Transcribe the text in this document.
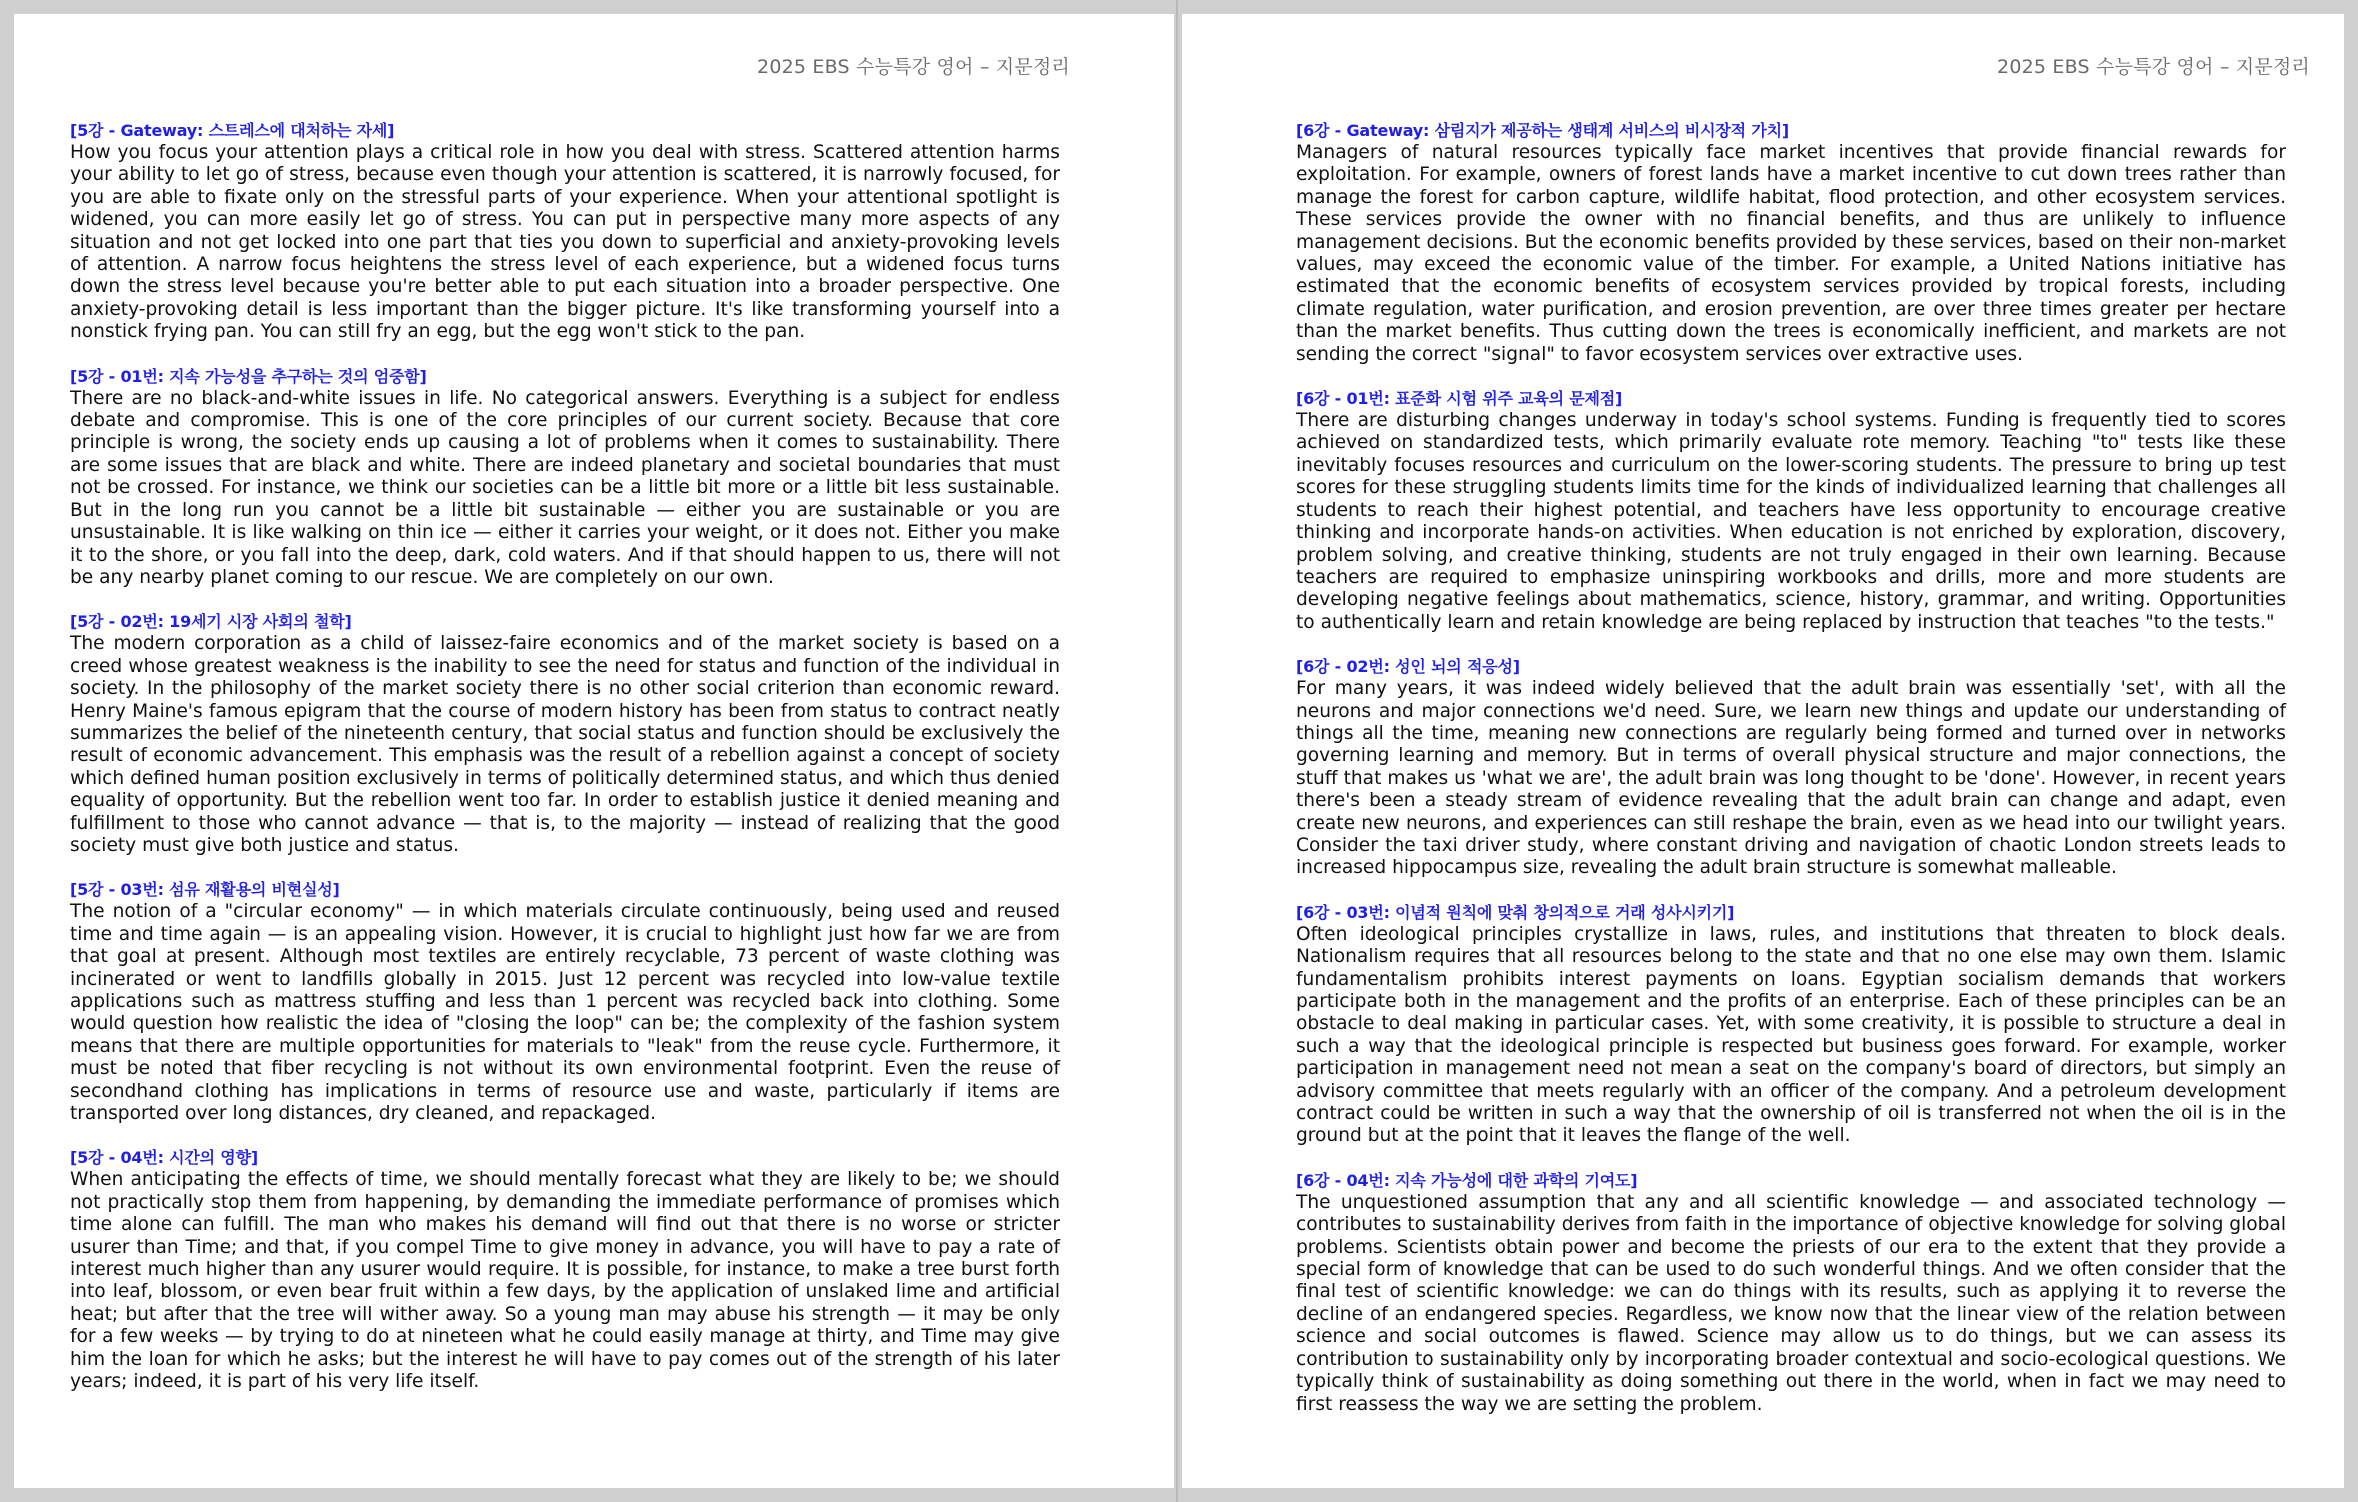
2025 EBS 수능특강 영어 – 지문정리

[5강 - Gateway: 스트레스에 대처하는 자세]

How you focus your attention plays a critical role in how you deal with stress. Scattered attention harms your ability to let go of stress, because even though your attention is scattered, it is narrowly focused, for you are able to fixate only on the stressful parts of your experience. When your attentional spotlight is widened, you can more easily let go of stress. You can put in perspective many more aspects of any situation and not get locked into one part that ties you down to superficial and anxiety-provoking levels of attention. A narrow focus heightens the stress level of each experience, but a widened focus turns down the stress level because you're better able to put each situation into a broader perspective. One anxiety-provoking detail is less important than the bigger picture. It's like transforming yourself into a nonstick frying pan. You can still fry an egg, but the egg won't stick to the pan.

[5강 - 01번: 지속 가능성을 추구하는 것의 엄중함]

There are no black-and-white issues in life. No categorical answers. Everything is a subject for endless debate and compromise. This is one of the core principles of our current society. Because that core principle is wrong, the society ends up causing a lot of problems when it comes to sustainability. There are some issues that are black and white. There are indeed planetary and societal boundaries that must not be crossed. For instance, we think our societies can be a little bit more or a little bit less sustainable. But in the long run you cannot be a little bit sustainable — either you are sustainable or you are unsustainable. It is like walking on thin ice — either it carries your weight, or it does not. Either you make it to the shore, or you fall into the deep, dark, cold waters. And if that should happen to us, there will not be any nearby planet coming to our rescue. We are completely on our own.

[5강 - 02번: 19세기 시장 사회의 철학]

The modern corporation as a child of laissez-faire economics and of the market society is based on a creed whose greatest weakness is the inability to see the need for status and function of the individual in society. In the philosophy of the market society there is no other social criterion than economic reward. Henry Maine's famous epigram that the course of modern history has been from status to contract neatly summarizes the belief of the nineteenth century, that social status and function should be exclusively the result of economic advancement. This emphasis was the result of a rebellion against a concept of society which defined human position exclusively in terms of politically determined status, and which thus denied equality of opportunity. But the rebellion went too far. In order to establish justice it denied meaning and fulfillment to those who cannot advance — that is, to the majority — instead of realizing that the good society must give both justice and status.

[5강 - 03번: 섬유 재활용의 비현실성]

The notion of a "circular economy" — in which materials circulate continuously, being used and reused time and time again — is an appealing vision. However, it is crucial to highlight just how far we are from that goal at present. Although most textiles are entirely recyclable, 73 percent of waste clothing was incinerated or went to landfills globally in 2015. Just 12 percent was recycled into low-value textile applications such as mattress stuffing and less than 1 percent was recycled back into clothing. Some would question how realistic the idea of "closing the loop" can be; the complexity of the fashion system means that there are multiple opportunities for materials to "leak" from the reuse cycle. Furthermore, it must be noted that fiber recycling is not without its own environmental footprint. Even the reuse of secondhand clothing has implications in terms of resource use and waste, particularly if items are transported over long distances, dry cleaned, and repackaged.

[5강 - 04번: 시간의 영향]

When anticipating the effects of time, we should mentally forecast what they are likely to be; we should not practically stop them from happening, by demanding the immediate performance of promises which time alone can fulfill. The man who makes his demand will find out that there is no worse or stricter usurer than Time; and that, if you compel Time to give money in advance, you will have to pay a rate of interest much higher than any usurer would require. It is possible, for instance, to make a tree burst forth into leaf, blossom, or even bear fruit within a few days, by the application of unslaked lime and artificial heat; but after that the tree will wither away. So a young man may abuse his strength — it may be only for a few weeks — by trying to do at nineteen what he could easily manage at thirty, and Time may give him the loan for which he asks; but the interest he will have to pay comes out of the strength of his later years; indeed, it is part of his very life itself.

2025 EBS 수능특강 영어 – 지문정리

[6강 - Gateway: 삼림지가 제공하는 생태계 서비스의 비시장적 가치]

Managers of natural resources typically face market incentives that provide financial rewards for exploitation. For example, owners of forest lands have a market incentive to cut down trees rather than manage the forest for carbon capture, wildlife habitat, flood protection, and other ecosystem services. These services provide the owner with no financial benefits, and thus are unlikely to influence management decisions. But the economic benefits provided by these services, based on their non-market values, may exceed the economic value of the timber. For example, a United Nations initiative has estimated that the economic benefits of ecosystem services provided by tropical forests, including climate regulation, water purification, and erosion prevention, are over three times greater per hectare than the market benefits. Thus cutting down the trees is economically inefficient, and markets are not sending the correct "signal" to favor ecosystem services over extractive uses.

[6강 - 01번: 표준화 시험 위주 교육의 문제점]

There are disturbing changes underway in today's school systems. Funding is frequently tied to scores achieved on standardized tests, which primarily evaluate rote memory. Teaching "to" tests like these inevitably focuses resources and curriculum on the lower-scoring students. The pressure to bring up test scores for these struggling students limits time for the kinds of individualized learning that challenges all students to reach their highest potential, and teachers have less opportunity to encourage creative thinking and incorporate hands-on activities. When education is not enriched by exploration, discovery, problem solving, and creative thinking, students are not truly engaged in their own learning. Because teachers are required to emphasize uninspiring workbooks and drills, more and more students are developing negative feelings about mathematics, science, history, grammar, and writing. Opportunities to authentically learn and retain knowledge are being replaced by instruction that teaches "to the tests."

[6강 - 02번: 성인 뇌의 적응성]

For many years, it was indeed widely believed that the adult brain was essentially 'set', with all the neurons and major connections we'd need. Sure, we learn new things and update our understanding of things all the time, meaning new connections are regularly being formed and turned over in networks governing learning and memory. But in terms of overall physical structure and major connections, the stuff that makes us 'what we are', the adult brain was long thought to be 'done'. However, in recent years there's been a steady stream of evidence revealing that the adult brain can change and adapt, even create new neurons, and experiences can still reshape the brain, even as we head into our twilight years. Consider the taxi driver study, where constant driving and navigation of chaotic London streets leads to increased hippocampus size, revealing the adult brain structure is somewhat malleable.

[6강 - 03번: 이념적 원칙에 맞춰 창의적으로 거래 성사시키기]

Often ideological principles crystallize in laws, rules, and institutions that threaten to block deals. Nationalism requires that all resources belong to the state and that no one else may own them. Islamic fundamentalism prohibits interest payments on loans. Egyptian socialism demands that workers participate both in the management and the profits of an enterprise. Each of these principles can be an obstacle to deal making in particular cases. Yet, with some creativity, it is possible to structure a deal in such a way that the ideological principle is respected but business goes forward. For example, worker participation in management need not mean a seat on the company's board of directors, but simply an advisory committee that meets regularly with an officer of the company. And a petroleum development contract could be written in such a way that the ownership of oil is transferred not when the oil is in the ground but at the point that it leaves the flange of the well.

[6강 - 04번: 지속 가능성에 대한 과학의 기여도]

The unquestioned assumption that any and all scientific knowledge — and associated technology — contributes to sustainability derives from faith in the importance of objective knowledge for solving global problems. Scientists obtain power and become the priests of our era to the extent that they provide a special form of knowledge that can be used to do such wonderful things. And we often consider that the final test of scientific knowledge: we can do things with its results, such as applying it to reverse the decline of an endangered species. Regardless, we know now that the linear view of the relation between science and social outcomes is flawed. Science may allow us to do things, but we can assess its contribution to sustainability only by incorporating broader contextual and socio-ecological questions. We typically think of sustainability as doing something out there in the world, when in fact we may need to first reassess the way we are setting the problem.
